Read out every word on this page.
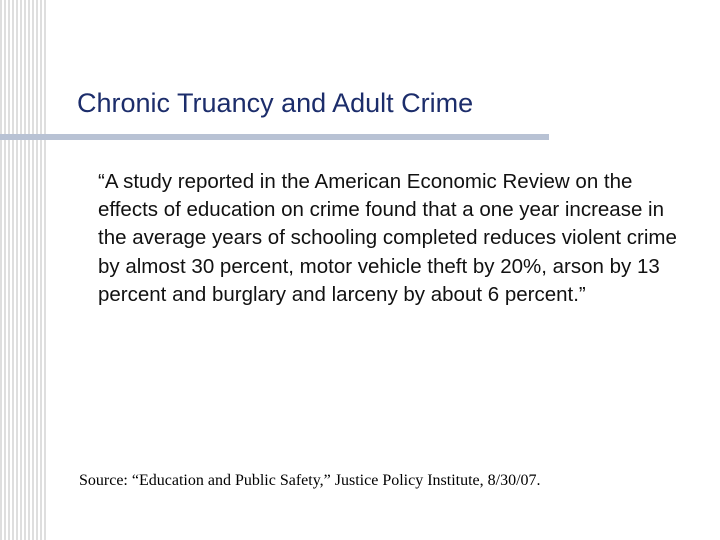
Chronic Truancy and Adult Crime

“A study reported in the American Economic Review on the effects of education on crime found that a one year increase in the average years of schooling completed reduces violent crime by almost 30 percent, motor vehicle theft by 20%, arson by 13 percent and burglary and larceny by about 6 percent.”

Source: “Education and Public Safety,” Justice Policy Institute, 8/30/07.
